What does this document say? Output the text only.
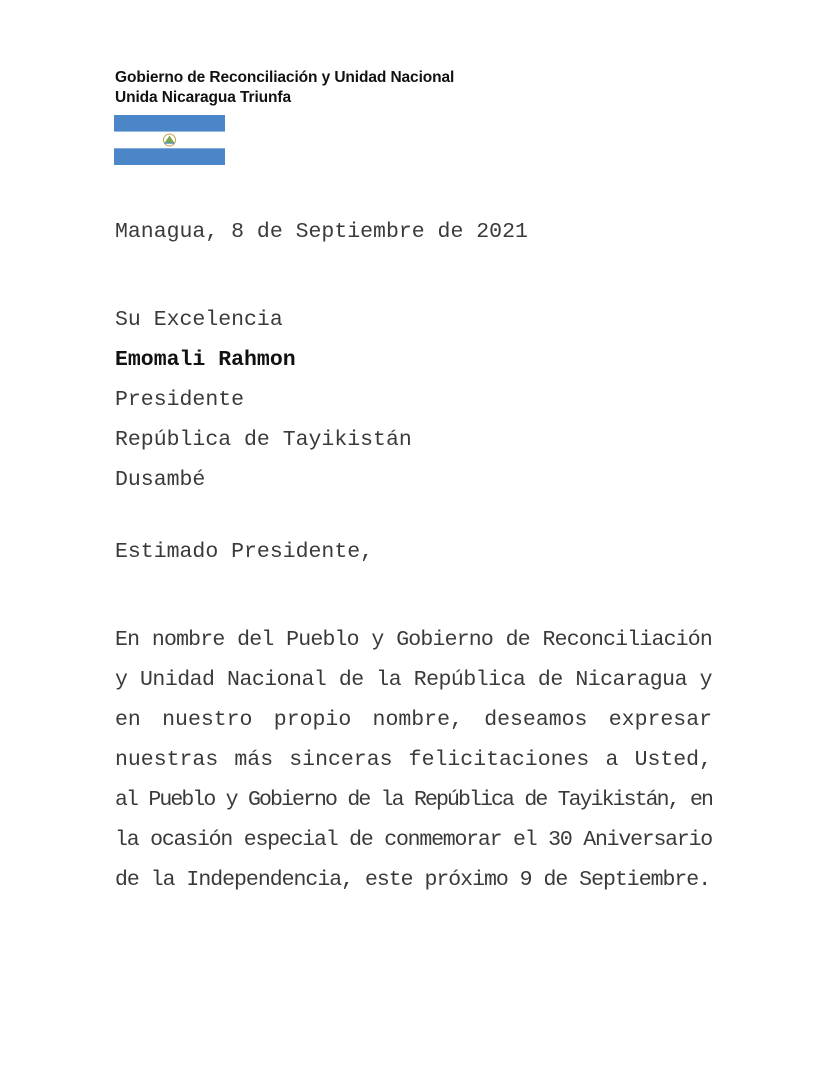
Gobierno de Reconciliación y Unidad Nacional
Unida Nicaragua Triunfa
Managua, 8 de Septiembre de 2021
Su Excelencia
Emomali Rahmon
Presidente
República de Tayikistán
Dusambé
Estimado Presidente,
En nombre del Pueblo y Gobierno de Reconciliación
y Unidad Nacional de la República de Nicaragua y
en nuestro propio nombre, deseamos expresar
nuestras más sinceras felicitaciones a Usted,
al Pueblo y Gobierno de la República de Tayikistán, en
la ocasión especial de conmemorar el 30 Aniversario
de la Independencia, este próximo 9 de Septiembre.
